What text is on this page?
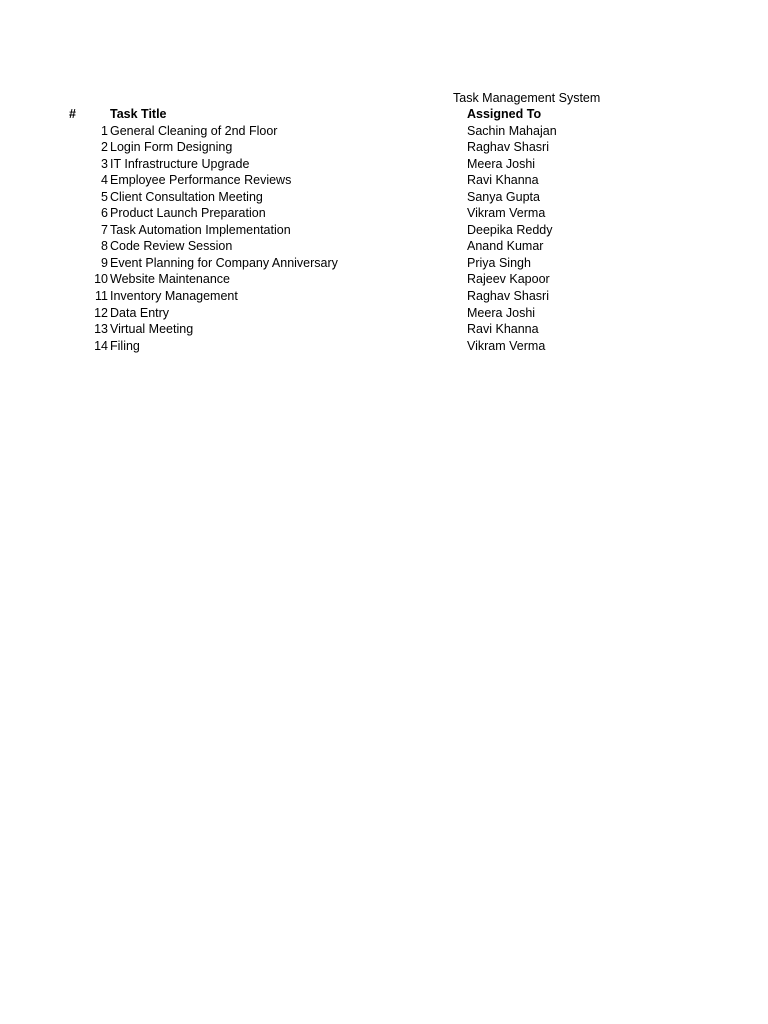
Task Management System
#	Task Title	Assigned To
1 General Cleaning of 2nd Floor	Sachin Mahajan
2 Login Form Designing	Raghav Shasri
3 IT Infrastructure Upgrade	Meera Joshi
4 Employee Performance Reviews	Ravi Khanna
5 Client Consultation Meeting	Sanya Gupta
6 Product Launch Preparation	Vikram Verma
7 Task Automation Implementation	Deepika Reddy
8 Code Review Session	Anand Kumar
9 Event Planning for Company Anniversary	Priya Singh
10 Website Maintenance	Rajeev Kapoor
11 Inventory Management	Raghav Shasri
12 Data Entry	Meera Joshi
13 Virtual Meeting	Ravi Khanna
14 Filing	Vikram Verma
